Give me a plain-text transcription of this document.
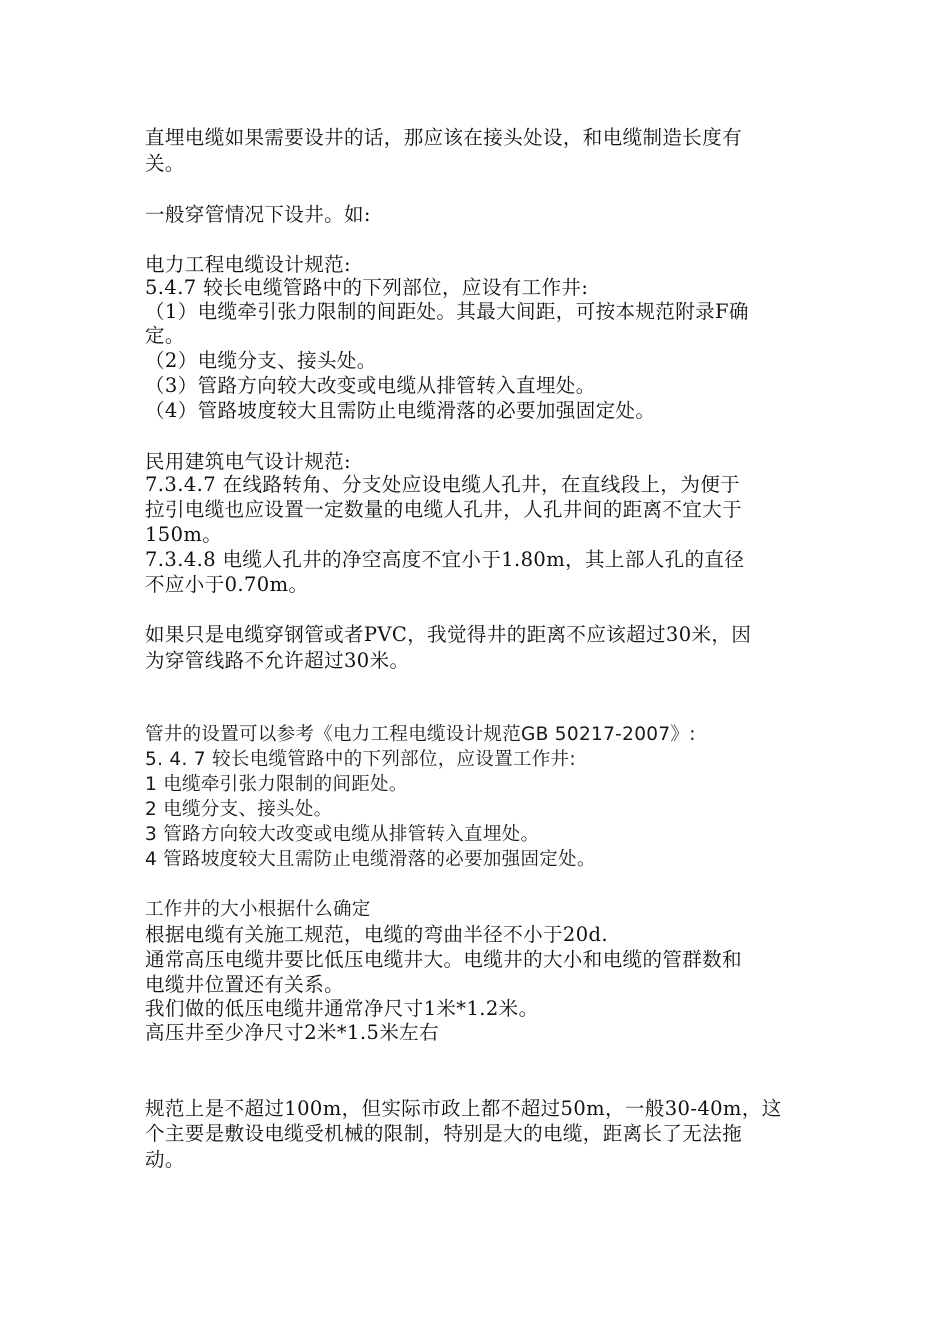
直埋电缆如果需要设井的话，那应该在接头处设，和电缆制造长度有
关。
一般穿管情况下设井。如:
电力工程电缆设计规范:
5.4.7 较长电缆管路中的下列部位，应设有工作井:
（1）电缆牵引张力限制的间距处。其最大间距，可按本规范附录F确
定。
（2）电缆分支、接头处。
（3）管路方向较大改变或电缆从排管转入直埋处。
（4）管路坡度较大且需防止电缆滑落的必要加强固定处。
民用建筑电气设计规范:
7.3.4.7 在线路转角、分支处应设电缆人孔井，在直线段上，为便于
拉引电缆也应设置一定数量的电缆人孔井，人孔井间的距离不宜大于
150m。
7.3.4.8 电缆人孔井的净空高度不宜小于1.80m，其上部人孔的直径
不应小于0.70m。
如果只是电缆穿钢管或者PVC，我觉得井的距离不应该超过30米，因
为穿管线路不允许超过30米。
管井的设置可以参考《电力工程电缆设计规范GB 50217-2007》:
5. 4. 7 较长电缆管路中的下列部位，应设置工作井:
1 电缆牵引张力限制的间距处。
2 电缆分支、接头处。
3 管路方向较大改变或电缆从排管转入直埋处。
4 管路坡度较大且需防止电缆滑落的必要加强固定处。
工作井的大小根据什么确定
根据电缆有关施工规范，电缆的弯曲半径不小于20d.
通常高压电缆井要比低压电缆井大。电缆井的大小和电缆的管群数和
电缆井位置还有关系。
我们做的低压电缆井通常净尺寸1米*1.2米。
高压井至少净尺寸2米*1.5米左右
规范上是不超过100m，但实际市政上都不超过50m，一般30-40m，这
个主要是敷设电缆受机械的限制，特别是大的电缆，距离长了无法拖
动。
